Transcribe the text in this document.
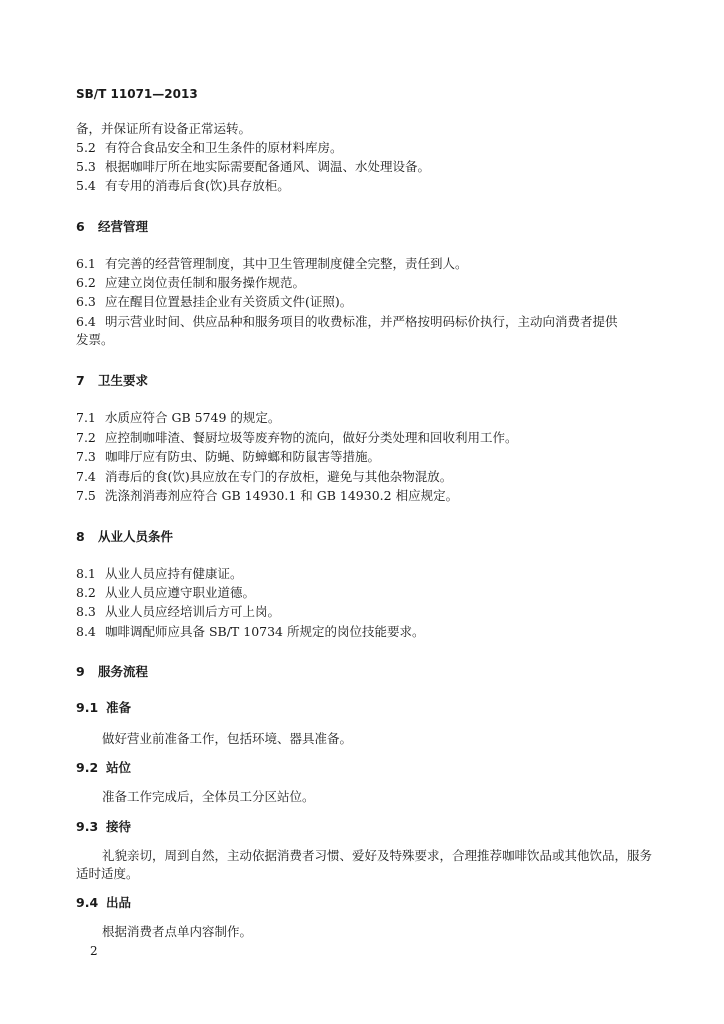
SB/T 11071—2013
备，并保证所有设备正常运转。
5.2 有符合食品安全和卫生条件的原材料库房。
5.3 根据咖啡厅所在地实际需要配备通风、调温、水处理设备。
5.4 有专用的消毒后食(饮)具存放柜。
6 经营管理
6.1 有完善的经营管理制度，其中卫生管理制度健全完整，责任到人。
6.2 应建立岗位责任制和服务操作规范。
6.3 应在醒目位置悬挂企业有关资质文件(证照)。
6.4 明示营业时间、供应品种和服务项目的收费标准，并严格按明码标价执行，主动向消费者提供
发票。
7 卫生要求
7.1 水质应符合 GB 5749 的规定。
7.2 应控制咖啡渣、餐厨垃圾等废弃物的流向，做好分类处理和回收利用工作。
7.3 咖啡厅应有防虫、防蝇、防蟑螂和防鼠害等措施。
7.4 消毒后的食(饮)具应放在专门的存放柜，避免与其他杂物混放。
7.5 洗涤剂消毒剂应符合 GB 14930.1 和 GB 14930.2 相应规定。
8 从业人员条件
8.1 从业人员应持有健康证。
8.2 从业人员应遵守职业道德。
8.3 从业人员应经培训后方可上岗。
8.4 咖啡调配师应具备 SB/T 10734 所规定的岗位技能要求。
9 服务流程
9.1 准备
做好营业前准备工作，包括环境、器具准备。
9.2 站位
准备工作完成后，全体员工分区站位。
9.3 接待
礼貌亲切，周到自然，主动依据消费者习惯、爱好及特殊要求，合理推荐咖啡饮品或其他饮品，服务
适时适度。
9.4 出品
根据消费者点单内容制作。
2
